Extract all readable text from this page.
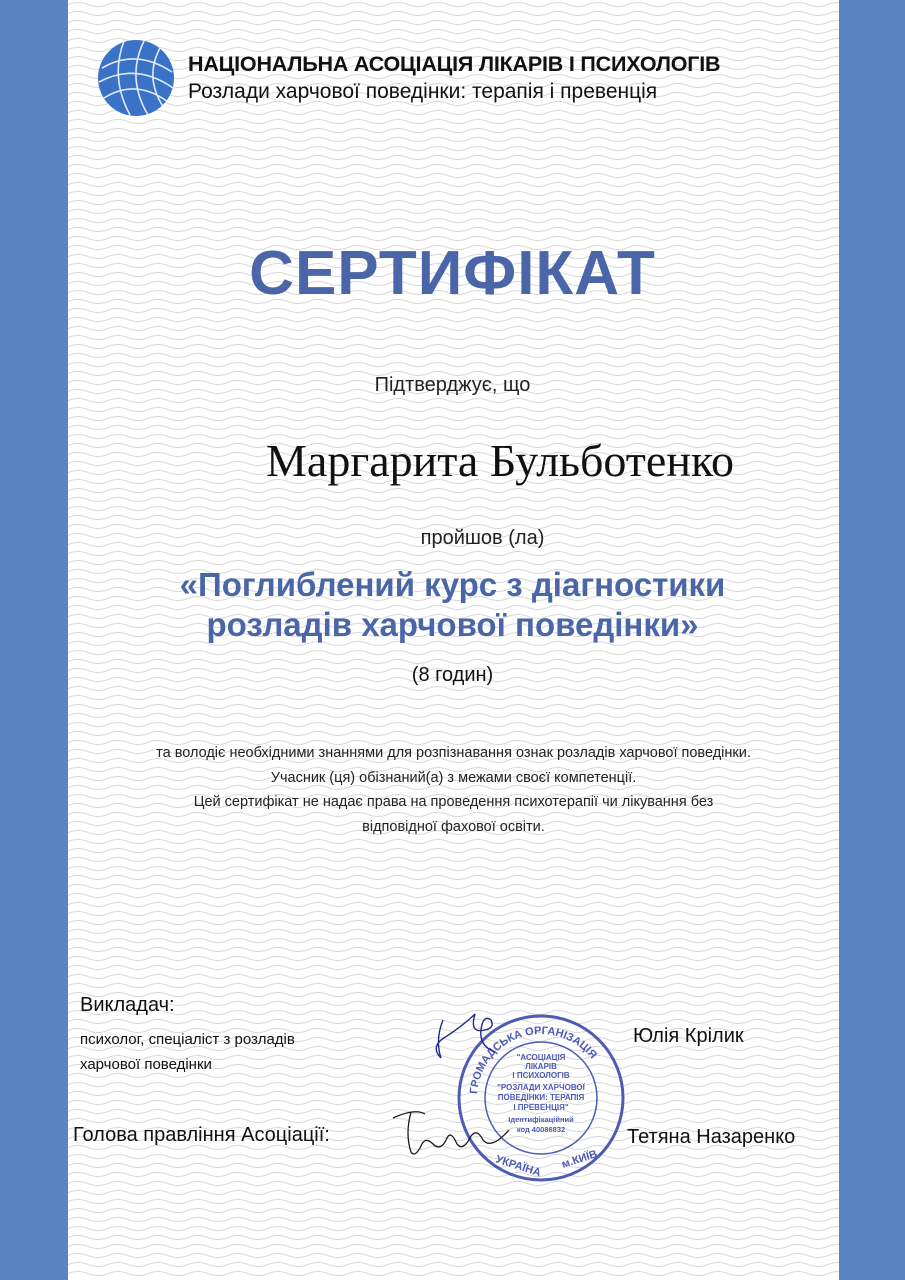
НАЦІОНАЛЬНА АСОЦІАЦІЯ ЛІКАРІВ І ПСИХОЛОГІВ

Розлади харчової поведінки: терапія і превенція

СЕРТИФІКАТ

Підтверджує, що

Маргарита Бульботенко

пройшов (ла)

«Поглиблений курс з діагностики
розладів харчової поведінки»

(8 годин)

та володіє необхідними знаннями для розпізнавання ознак розладів харчової поведінки.
Учасник (ця) обізнаний(а) з межами своєї компетенції.
Цей сертифікат не надає права на проведення психотерапії чи лікування без
відповідної фахової освіти.

Викладач:

психолог, спеціаліст з розладів
харчової поведінки

Голова правління Асоціації:

ГРОМАДСЬКА ОРГАНІЗАЦІЯ
"АСОЦІАЦІЯ
ЛІКАРІВ
І ПСИХОЛОГІВ
"РОЗЛАДИ ХАРЧОВОЇ
ПОВЕДІНКИ: ТЕРАПІЯ
І ПРЕВЕНЦІЯ"
Ідентифікаційний
код 40086832
УКРАЇНА м.КИЇВ

Юлія Крілик

Тетяна Назаренко
